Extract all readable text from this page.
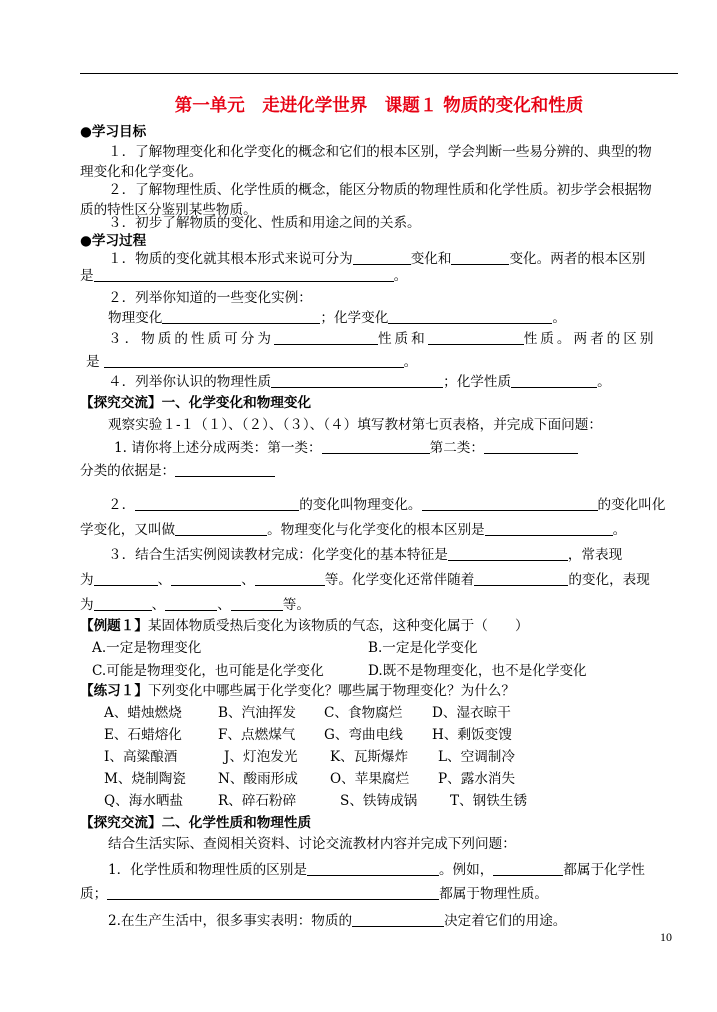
第一单元　走进化学世界　课题１ 物质的变化和性质
●学习目标
１．了解物理变化和化学变化的概念和它们的根本区别，学会判断一些易分辨的、典型的物
理变化和化学变化。
２．了解物理性质、化学性质的概念，能区分物质的物理性质和化学性质。初步学会根据物
质的特性区分鉴别某些物质。
３．初步了解物质的变化、性质和用途之间的关系。
●学习过程
１．物质的变化就其根本形式来说可分为	变化和	变化。两者的根本区别
是	。
２．列举你知道的一些变化实例：
物理变化	；化学变化	。
３．物质的性质可分为	性质和	性质。两者的区别
是	。
４．列举你认识的物理性质	；化学性质	。
【探究交流】一、化学变化和物理变化
观察实验１-１（１）、（２）、（３）、（４）填写教材第七页表格，并完成下面问题：
1. 请你将上述分成两类：第一类：	第二类：
分类的依据是：
２．	的变化叫物理变化。	的变化叫化
学变化，又叫做	。物理变化与化学变化的根本区别是	。
３．结合生活实例阅读教材完成：化学变化的基本特征是	，常表现
为	、	、	等。化学变化还常伴随着	的变化，表现
为	、	、	等。
【例题１】某固体物质受热后变化为该物质的气态，这种变化属于（　　）
A.一定是物理变化	B.一定是化学变化
C.可能是物理变化，也可能是化学变化	D.既不是物理变化，也不是化学变化
【练习１】下列变化中哪些属于化学变化？哪些属于物理变化？为什么？
A、蜡烛燃烧	B、汽油挥发 C、食物腐烂 D、湿衣晾干
E、石蜡熔化	F、点燃煤气 G、弯曲电线 H、剩饭变馊
I、高粱酿酒	J、灯泡发光 K、瓦斯爆炸 L、空调制冷
M、烧制陶瓷 N、酸雨形成 O、苹果腐烂 P、露水消失
Q、海水晒盐	R、碎石粉碎	S、铁铸成锅 T、钢铁生锈
【探究交流】二、化学性质和物理性质
结合生活实际、查阅相关资料、讨论交流教材内容并完成下列问题：
1．化学性质和物理性质的区别是	。例如，	都属于化学性
质；	都属于物理性质。
2.在生产生活中，很多事实表明：物质的	决定着它们的用途。
10
